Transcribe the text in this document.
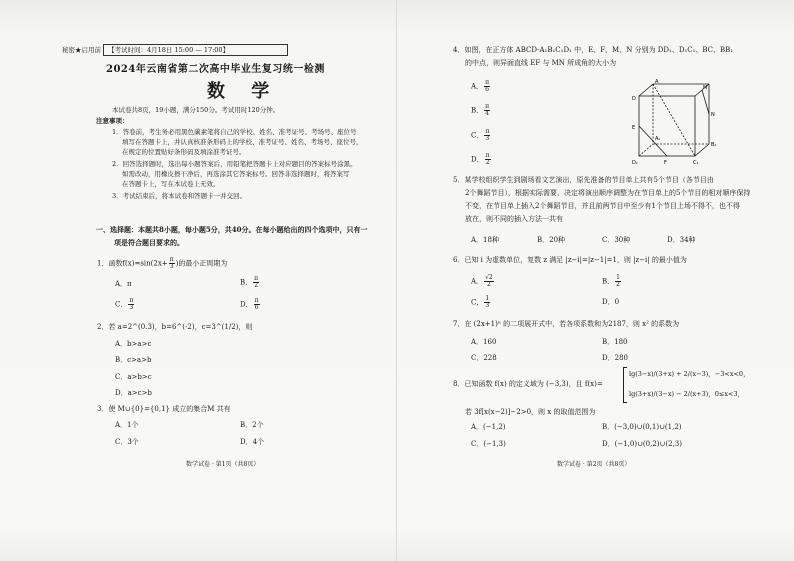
秘密★启用前 【考试时间：4月18日 15:00 — 17:00】
2024年云南省第二次高中毕业生复习统一检测
数 学
本试卷共8页，19小题，满分150分。考试用时120分钟。
注意事项：
1．答卷前，考生务必用黑色碳素笔将自己的学校、姓名、准考证号、考场号、座位号
填写在答题卡上，并认真核准条形码上的学校、准考证号、姓名、考场号、座位号，
在规定的位置贴好条形码及填涂准考证号。
2．回答选择题时，选出每小题答案后，用铅笔把答题卡上对应题目的答案标号涂黑。
如需改动，用橡皮擦干净后，再选涂其它答案标号。回答非选择题时，将答案写
在答题卡上，写在本试卷上无效。
3．考试结束后，将本试卷和答题卡一并交回。
一、选择题：本题共8小题，每小题5分，共40分。在每小题给出的四个选项中，只有一
项是符合题目要求的。
1．函数$f(x)=\sin(2x+ \frac{\pi}{3}$ )的最小正周期为
A．π	B． $\frac{\pi}{2}$
C． $\frac{\pi}{3}$	D． $\frac{\pi}{6}$
2．若 a=2^(0.3)，b=6^(-2)，c=3^(1/2)，则
A．b>a>c
B．c>a>b
C．a>b>c
D．a>c>b
3．使 M∪{0}={0,1} 成立的集合M 共有
A．1个	B．2个
C．3个	D．4个
数学试卷 · 第1页（共8页）
4．如图，在正方体 ABCD-A₁B₁C₁D₁ 中，E、F、M、N 分别为 DD₁、D₁C₁、BC、BB₁
的中点，则异面直线 EF 与 MN 所成角的大小为
A． $\frac{\pi}{6}$
B． $\frac{\pi}{4}$
C． $\frac{\pi}{3}$
D． $\frac{\pi}{2}$
A
D
E
D₁	F	C₁
M
N
B₁
A₁
5．某学校组织学生到剧场看文艺演出，原先准备的节目单上共有5个节目（各节目由
2个舞蹈节目），根据实际需要，决定将演出顺序调整为在节目单上的5个节目的相对顺序保持
不变，在节目单上插入2个舞蹈节目，并且前两节目中至少有1个节目上场不得不，也不得
放在，则不同的插入方法一共有
A．18种	B．20种	C．30种	D．34种
6．已知 i 为虚数单位，复数 z 满足 |z−i|=|z−1|=1，则 |z−i| 的最小值为
A． $\frac{√2}{2}$	B． $\frac{1}{2}$
C． $\frac{1}{3}$	D．0
7．在 (2x+1)ⁿ 的二项展开式中，若各项系数和为2187，则 x² 的系数为
A．160	B．180
C．228	D．280
8．已知函数 f(x) 的定义域为 (−3,3)，且 f(x)=
lg(3−x)/(3+x) + 2/(x−3)，−3<x<0，
lg(3+x)/(3−x) − 2/(x+3)，0≤x<3，
若 3f[x(x−2)]−2>0，则 x 的取值范围为
A．(−1,2)	B．(−3,0)∪(0,1)∪(1,2)
C．(−1,3)	D．(−1,0)∪(0,2)∪(2,3)
数学试卷 · 第2页（共8页）
